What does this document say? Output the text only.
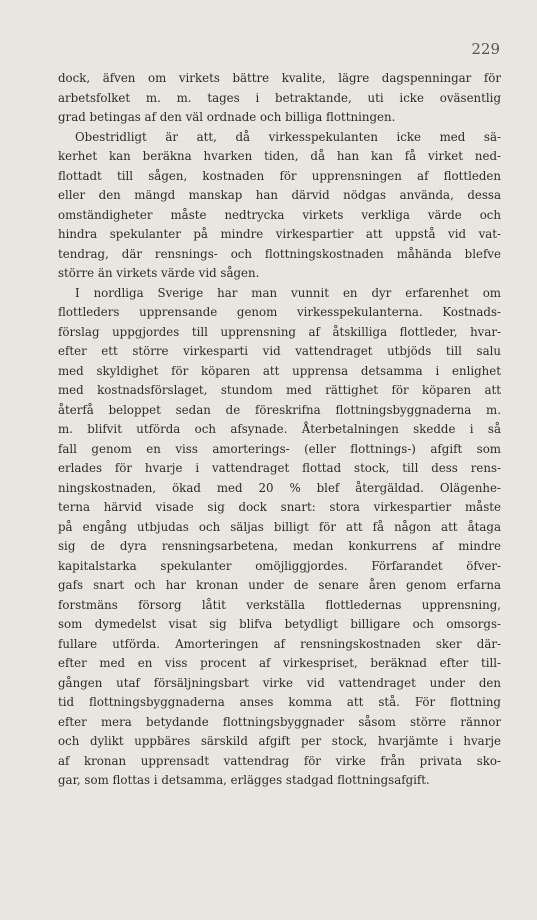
229
dock, äfven om virkets bättre kvalite, lägre dagspenningar för
arbetsfolket m. m. tages i betraktande, uti icke oväsentlig
grad betingas af den väl ordnade och billiga flottningen.
Obestridligt är att, då virkesspekulanten icke med sä-
kerhet kan beräkna hvarken tiden, då han kan få virket ned-
flottadt till sågen, kostnaden för upprensningen af flottleden
eller den mängd manskap han därvid nödgas använda, dessa
omständigheter måste nedtrycka virkets verkliga värde och
hindra spekulanter på mindre virkespartier att uppstå vid vat-
tendrag, där rensnings- och flottningskostnaden måhända blefve
större än virkets värde vid sågen.
I nordliga Sverige har man vunnit en dyr erfarenhet om
flottleders upprensande genom virkesspekulanterna. Kostnads-
förslag uppgjordes till upprensning af åtskilliga flottleder, hvar-
efter ett större virkesparti vid vattendraget utbjöds till salu
med skyldighet för köparen att upprensa detsamma i enlighet
med kostnadsförslaget, stundom med rättighet för köparen att
återfå beloppet sedan de föreskrifna flottningsbyggnaderna m.
m. blifvit utförda och afsynade. Återbetalningen skedde i så
fall genom en viss amorterings- (eller flottnings-) afgift som
erlades för hvarje i vattendraget flottad stock, till dess rens-
ningskostnaden, ökad med 20 % blef återgäldad. Olägenhe-
terna härvid visade sig dock snart: stora virkespartier måste
på engång utbjudas och säljas billigt för att få någon att åtaga
sig de dyra rensningsarbetena, medan konkurrens af mindre
kapitalstarka spekulanter omöjliggjordes. Förfarandet öfver-
gafs snart och har kronan under de senare åren genom erfarna
forstmäns försorg låtit verkställa flottledernas upprensning,
som dymedelst visat sig blifva betydligt billigare och omsorgs-
fullare utförda. Amorteringen af rensningskostnaden sker där-
efter med en viss procent af virkespriset, beräknad efter till-
gången utaf försäljningsbart virke vid vattendraget under den
tid flottningsbyggnaderna anses komma att stå. För flottning
efter mera betydande flottningsbyggnader såsom större rännor
och dylikt uppbäres särskild afgift per stock, hvarjämte i hvarje
af kronan upprensadt vattendrag för virke från privata sko-
gar, som flottas i detsamma, erlägges stadgad flottningsafgift.
